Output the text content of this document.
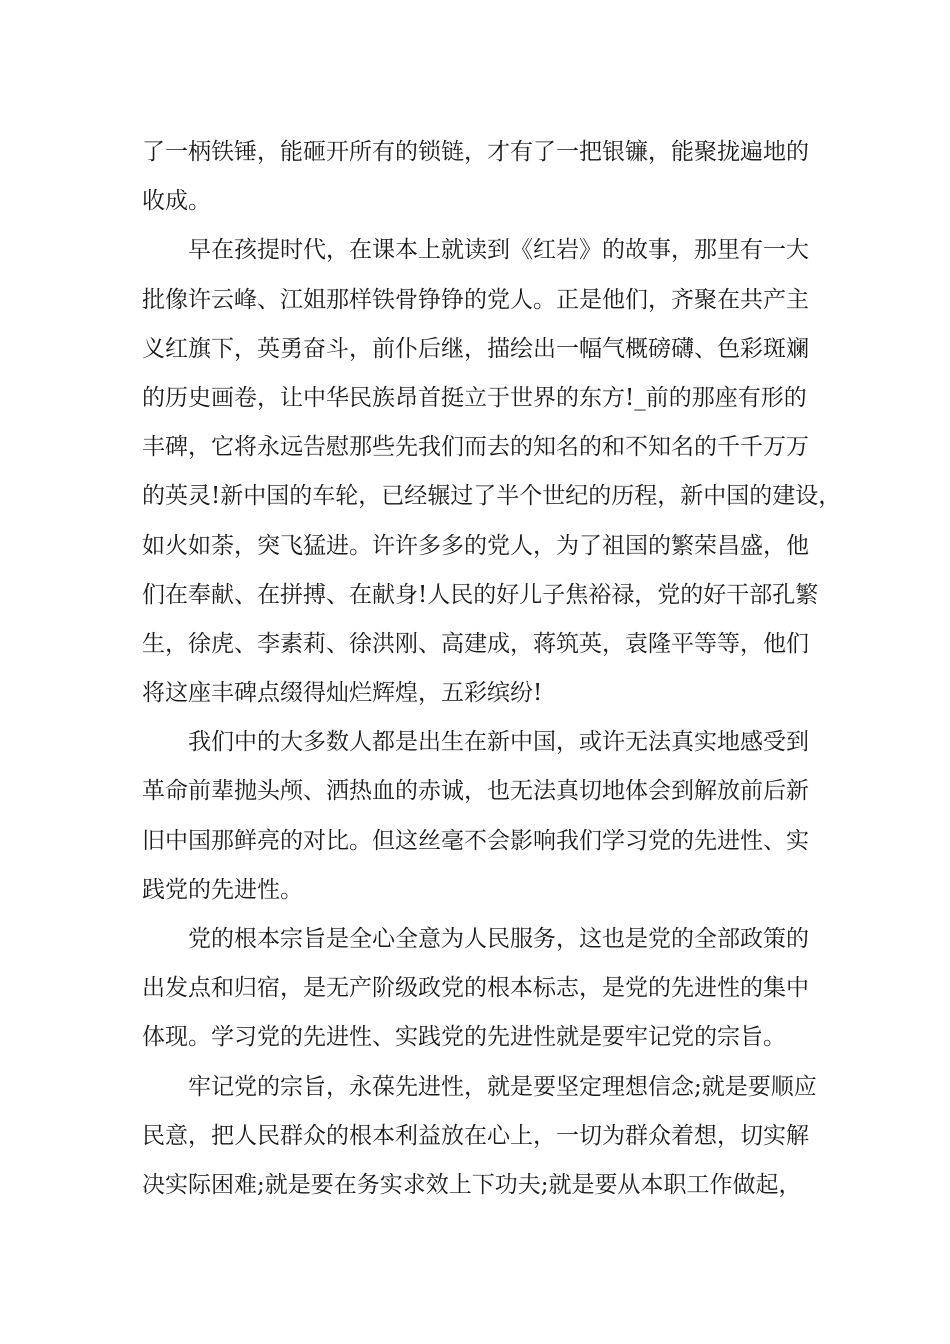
了一柄铁锤，能砸开所有的锁链，才有了一把银镰，能聚拢遍地的
收成。
早在孩提时代，在课本上就读到《红岩》的故事，那里有一大
批像许云峰、江姐那样铁骨铮铮的党人。正是他们，齐聚在共产主
义红旗下，英勇奋斗，前仆后继，描绘出一幅气概磅礴、色彩斑斓
的历史画卷，让中华民族昂首挺立于世界的东方!_前的那座有形的
丰碑，它将永远告慰那些先我们而去的知名的和不知名的千千万万
的英灵!新中国的车轮，已经辗过了半个世纪的历程，新中国的建设，
如火如荼，突飞猛进。许许多多的党人，为了祖国的繁荣昌盛，他
们在奉献、在拼搏、在献身!人民的好儿子焦裕禄，党的好干部孔繁
生，徐虎、李素莉、徐洪刚、高建成，蒋筑英，袁隆平等等，他们
将这座丰碑点缀得灿烂辉煌，五彩缤纷!
我们中的大多数人都是出生在新中国，或许无法真实地感受到
革命前辈抛头颅、洒热血的赤诚，也无法真切地体会到解放前后新
旧中国那鲜亮的对比。但这丝毫不会影响我们学习党的先进性、实
践党的先进性。
党的根本宗旨是全心全意为人民服务，这也是党的全部政策的
出发点和归宿，是无产阶级政党的根本标志，是党的先进性的集中
体现。学习党的先进性、实践党的先进性就是要牢记党的宗旨。
牢记党的宗旨，永葆先进性，就是要坚定理想信念;就是要顺应
民意，把人民群众的根本利益放在心上，一切为群众着想，切实解
决实际困难;就是要在务实求效上下功夫;就是要从本职工作做起，
